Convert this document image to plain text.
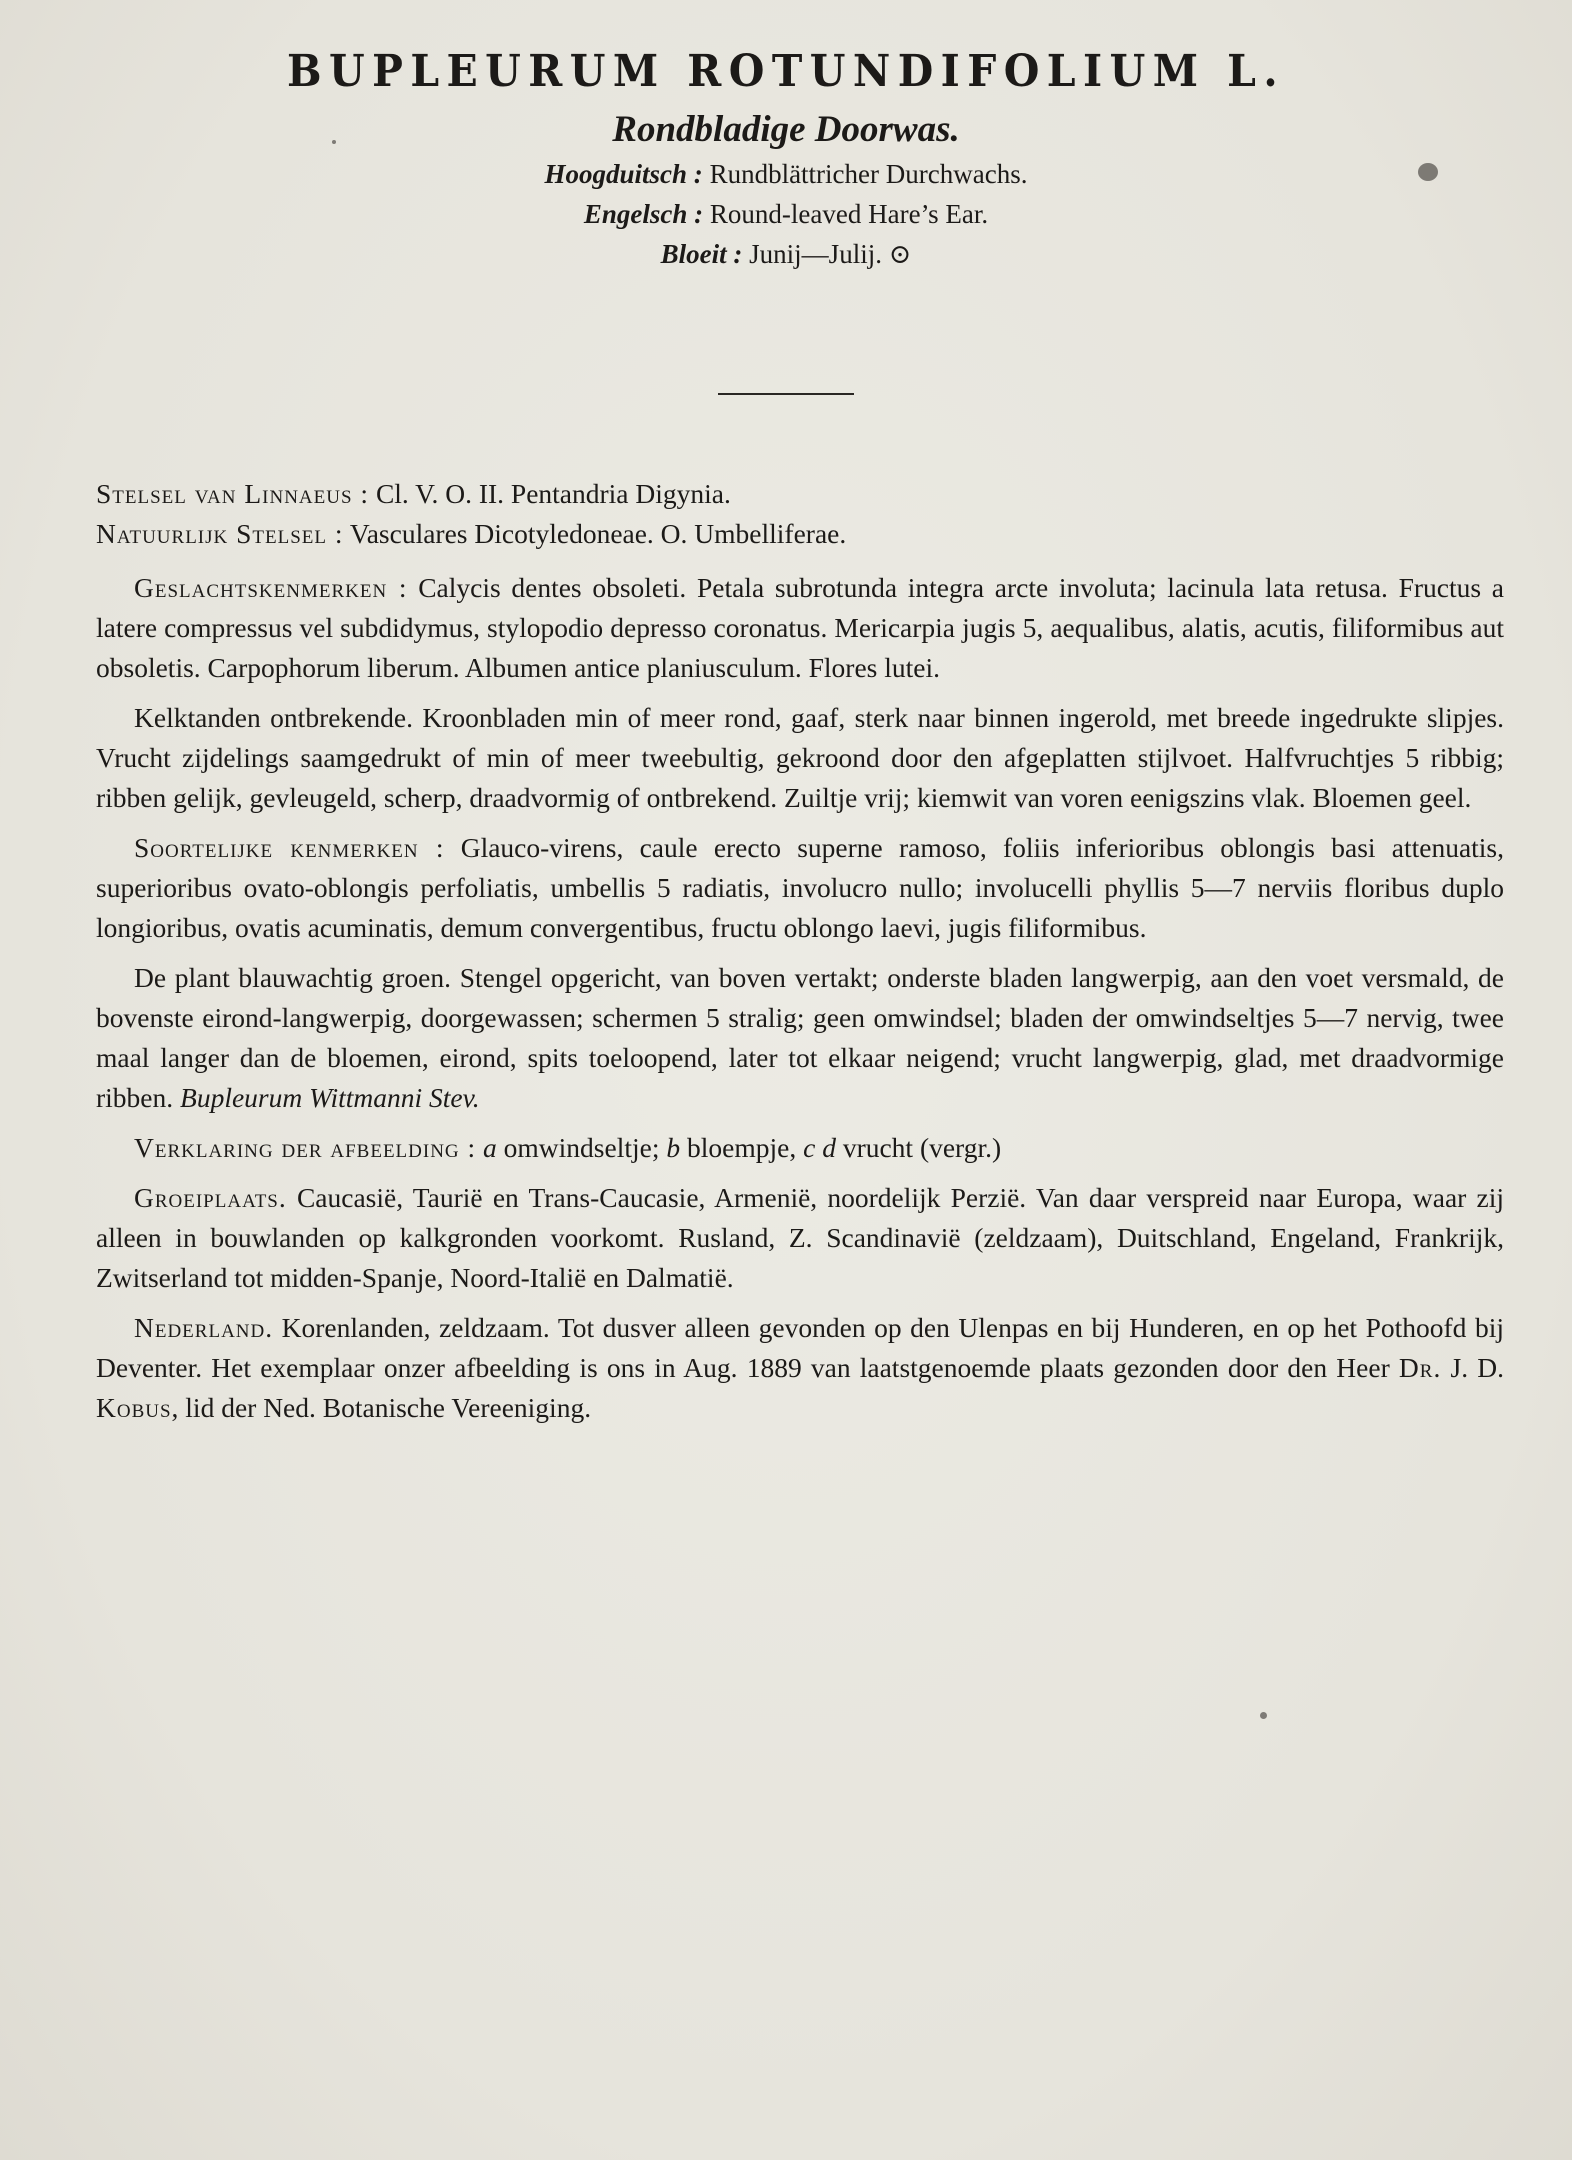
BUPLEURUM ROTUNDIFOLIUM L.
Rondbladige Doorwas.
Hoogduitsch : Rundblättricher Durchwachs.
Engelsch : Round-leaved Hare’s Ear.
Bloeit : Junij—Julij. ⊙

Stelsel van Linnaeus : Cl. V. O. II. Pentandria Digynia.

Natuurlijk Stelsel : Vasculares Dicotyledoneae. O. Umbelliferae.

Geslachtskenmerken : Calycis dentes obsoleti. Petala subrotunda integra arcte involuta; lacinula lata retusa. Fructus a latere compressus vel subdidymus, stylopodio depresso coronatus. Mericarpia jugis 5, aequalibus, alatis, acutis, filiformibus aut obsoletis. Carpophorum liberum. Albumen antice planiusculum. Flores lutei.

Kelktanden ontbrekende. Kroonbladen min of meer rond, gaaf, sterk naar binnen ingerold, met breede ingedrukte slipjes. Vrucht zijdelings saamgedrukt of min of meer tweebultig, gekroond door den afgeplatten stijlvoet. Halfvruchtjes 5 ribbig; ribben gelijk, gevleugeld, scherp, draadvormig of ontbrekend. Zuiltje vrij; kiemwit van voren eenigszins vlak. Bloemen geel.

Soortelijke kenmerken : Glauco-virens, caule erecto superne ramoso, foliis inferioribus oblongis basi attenuatis, superioribus ovato-oblongis perfoliatis, umbellis 5 radiatis, involucro nullo; involucelli phyllis 5—7 nerviis floribus duplo longioribus, ovatis acuminatis, demum convergentibus, fructu oblongo laevi, jugis filiformibus.

De plant blauwachtig groen. Stengel opgericht, van boven vertakt; onderste bladen langwerpig, aan den voet versmald, de bovenste eirond-langwerpig, doorgewassen; schermen 5 stralig; geen omwindsel; bladen der omwindseltjes 5—7 nervig, twee maal langer dan de bloemen, eirond, spits toeloopend, later tot elkaar neigend; vrucht langwerpig, glad, met draadvormige ribben. Bupleurum Wittmanni Stev.

Verklaring der afbeelding : a omwindseltje; b bloempje, c d vrucht (vergr.)

Groeiplaats. Caucasië, Taurië en Trans-Caucasie, Armenië, noordelijk Perzië. Van daar verspreid naar Europa, waar zij alleen in bouwlanden op kalkgronden voorkomt. Rusland, Z. Scandinavië (zeldzaam), Duitschland, Engeland, Frankrijk, Zwitserland tot midden-Spanje, Noord-Italië en Dalmatië.

Nederland. Korenlanden, zeldzaam. Tot dusver alleen gevonden op den Ulenpas en bij Hunderen, en op het Pothoofd bij Deventer. Het exemplaar onzer afbeelding is ons in Aug. 1889 van laatstgenoemde plaats gezonden door den Heer Dr. J. D. Kobus, lid der Ned. Botanische Vereeniging.
